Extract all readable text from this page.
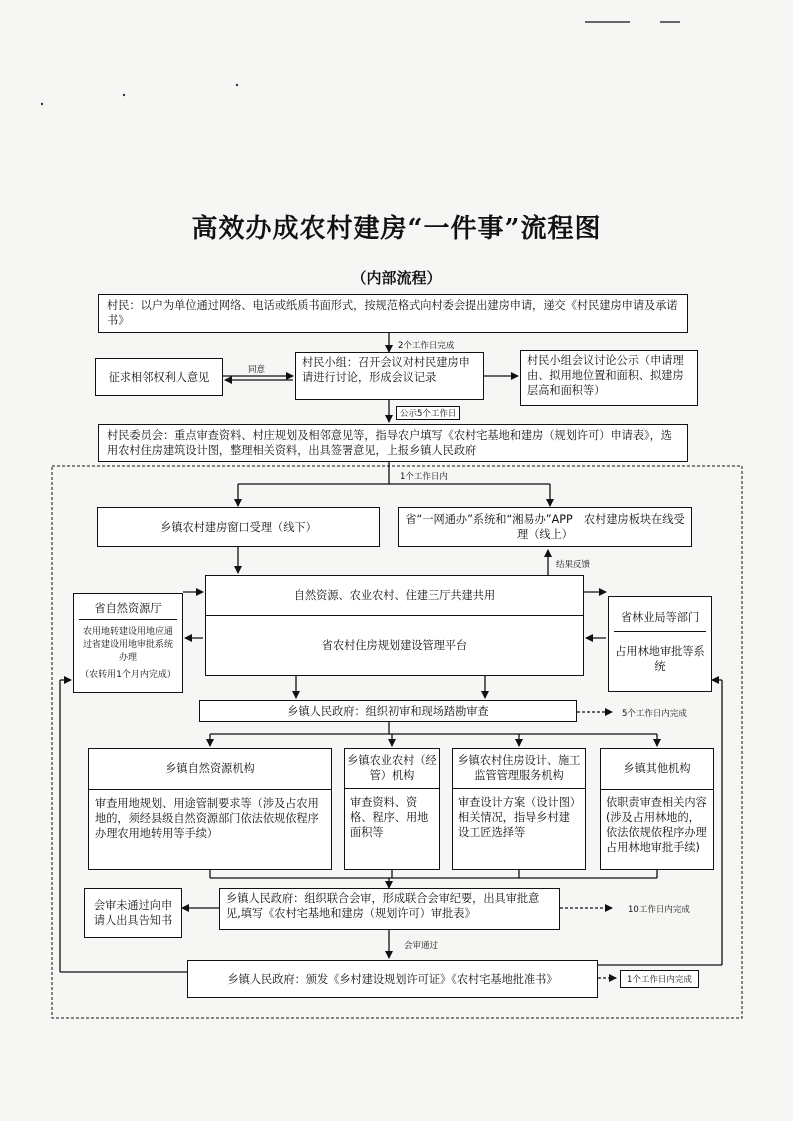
高效办成农村建房“一件事”流程图
（内部流程）
村民：以户为单位通过网络、电话或纸质书面形式，按规范格式向村委会提出建房申请，递交《村民建房申请及承诺书》
征求相邻权利人意见
村民小组：召开会议对村民建房申请进行讨论，形成会议记录
村民小组会议讨论公示（申请理由、拟用地位置和面积、拟建房层高和面积等）
村民委员会：重点审查资料、村庄规划及相邻意见等，指导农户填写《农村宅基地和建房（规划许可）申请表》，选用农村住房建筑设计图，整理相关资料，出具签署意见，上报乡镇人民政府
乡镇农村建房窗口受理（线下）
省“一网通办”系统和“湘易办”APP　农村建房板块在线受理（线上）
自然资源、农业农村、住建三厅共建共用
省农村住房规划建设管理平台
省自然资源厅
农用地转建设用地应通过省建设用地审批系统办理
（农转用1个月内完成）
省林业局等部门
占用林地审批等系统
乡镇人民政府：组织初审和现场踏勘审查
乡镇自然资源机构
审查用地规划、用途管制要求等（涉及占农用地的，须经县级自然资源部门依法依规依程序办理农用地转用等手续）
乡镇农业农村（经管）机构
审查资料、资格、程序、用地面积等
乡镇农村住房设计、施工监管管理服务机构
审查设计方案（设计图）相关情况，指导乡村建设工匠选择等
乡镇其他机构
依职责审查相关内容(涉及占用林地的，依法依规依程序办理占用林地审批手续)
会审未通过向申请人出具告知书
乡镇人民政府：组织联合会审，形成联合会审纪要，出具审批意见,填写《农村宅基地和建房（规划许可）审批表》
乡镇人民政府：颁发《乡村建设规划许可证》《农村宅基地批准书》
2个工作日完成
同意
公示5个工作日
1个工作日内
结果反馈
5个工作日内完成
10工作日内完成
会审通过
1个工作日内完成
